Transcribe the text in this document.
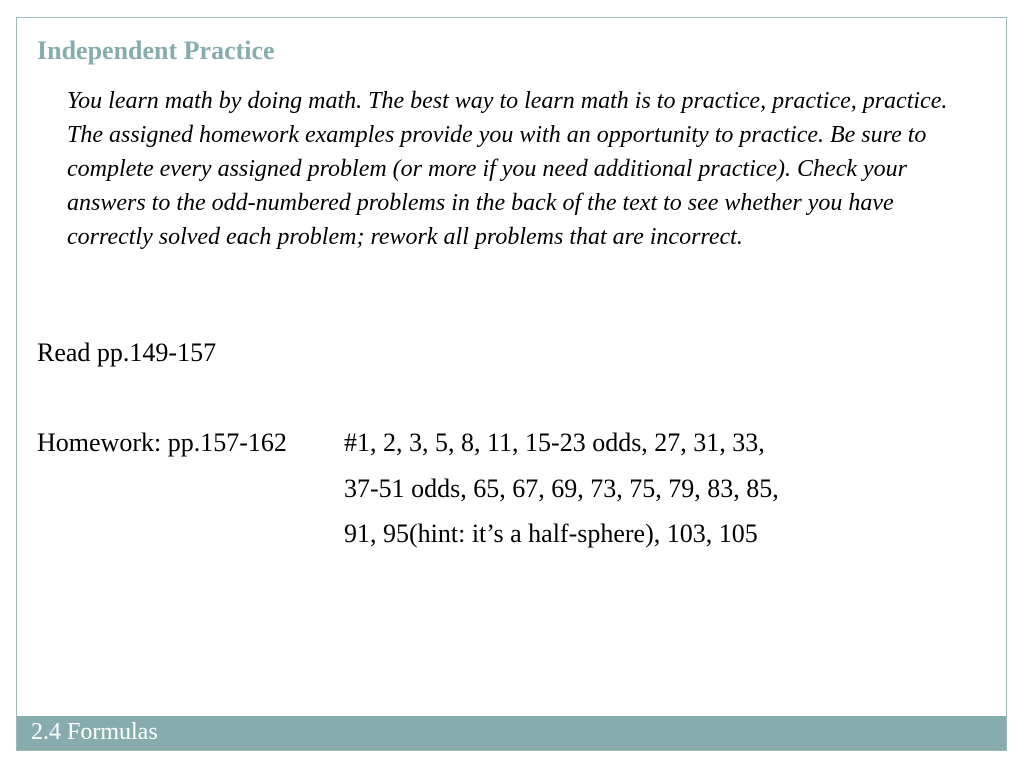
Independent Practice
You learn math by doing math. The best way to learn math is to practice, practice, practice. The assigned homework examples provide you with an opportunity to practice. Be sure to complete every assigned problem (or more if you need additional practice). Check your answers to the odd-numbered problems in the back of the text to see whether you have correctly solved each problem; rework all problems that are incorrect.
Read pp.149-157
Homework: pp.157-162 #1, 2, 3, 5, 8, 11, 15-23 odds, 27, 31, 33,
37-51 odds, 65, 67, 69, 73, 75, 79, 83, 85,
91, 95(hint: it’s a half-sphere), 103, 105
2.4 Formulas
